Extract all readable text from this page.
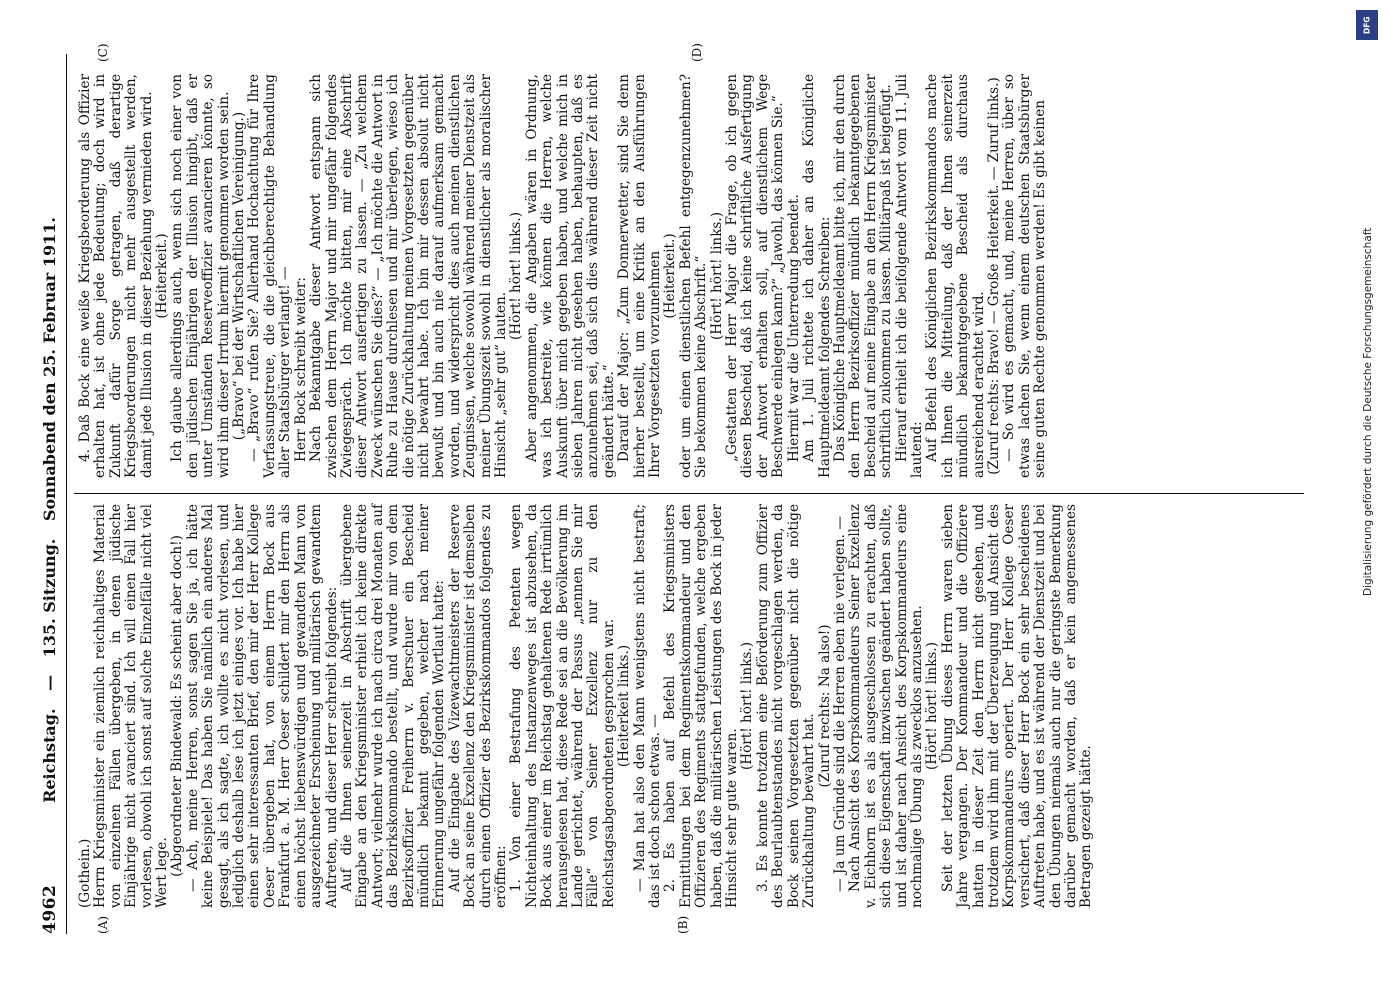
4962
Reichstag. — 135. Sitzung. Sonnabend den 25. Februar 1911.
(A)	(B)
(C)	(D)

(Gothein.) Herrn Kriegsminister ein ziemlich reichhaltiges Material von einzelnen Fällen übergeben, in denen jüdische Einjährige nicht avanciert sind. Ich will einen Fall hier vorlesen, obwohl ich sonst auf solche Einzelfälle nicht viel Wert lege. (Abgeordneter Bindewald: Es scheint aber doch!) — Ach, meine Herren, sonst sagen Sie ja, ich hätte keine Beispiele! Das haben Sie nämlich ein anderes Mal gesagt, als ich sagte, ich wollte es nicht vorlesen, und lediglich deshalb lese ich jetzt einiges vor. Ich habe hier einen sehr interessanten Brief, den mir der Herr Kollege Oeser übergeben hat, von einem Herrn Bock aus Frankfurt a. M. Herr Oeser schildert mir den Herrn als einen höchst liebenswürdigen und gewandten Mann von ausgezeichneter Erscheinung und militärisch gewandtem Auftreten, und dieser Herr schreibt folgendes: Auf die Ihnen seinerzeit in Abschrift übergebene Eingabe an den Kriegsminister erhielt ich keine direkte Antwort; vielmehr wurde ich nach circa drei Monaten auf das Bezirkskommando bestellt, und wurde mir von dem Bezirksoffizier Freiherrn v. Berschuer ein Bescheid mündlich bekannt gegeben, welcher nach meiner Erinnerung ungefähr folgenden Wortlaut hatte: Auf die Eingabe des Vizewachtmeisters der Reserve Bock an seine Exzellenz den Kriegsminister ist demselben durch einen Offizier des Bezirkskommandos folgendes zu eröffnen: 1. Von einer Bestrafung des Petenten wegen Nichteinhaltung des Instanzenweges ist abzusehen, da Bock aus einer im Reichstag gehaltenen Rede irrtümlich herausgelesen hat, diese Rede sei an die Bevölkerung im Lande gerichtet, während der Passus „nennen Sie mir Fälle“ von Seiner Exzellenz nur zu den Reichstagsabgeordneten gesprochen war. (Heiterkeit links.) — Man hat also den Mann wenigstens nicht bestraft; das ist doch schon etwas. — 2. Es haben auf Befehl des Kriegsministers Ermittlungen bei dem Regimentskommandeur und den Offizieren des Regiments stattgefunden, welche ergeben haben, daß die militärischen Leistungen des Bock in jeder Hinsicht sehr gute waren.

(Hört! hört! links.) 3. Es konnte trotzdem eine Beförderung zum Offizier des Beurlaubtenstandes nicht vorgeschlagen werden, da Bock seinen Vorgesetzten gegenüber nicht die nötige Zurückhaltung bewahrt hat.

(Zuruf rechts: Na also!) — Ja um Gründe sind die Herren eben nie verlegen. — Nach Ansicht des Korpskommandeurs Seiner Exzellenz v. Eichhorn ist es als ausgeschlossen zu erachten, daß sich diese Eigenschaft inzwischen geändert haben sollte, und ist daher nach Ansicht des Korpskommandeurs eine nochmalige Übung als zwecklos anzusehen. (Hört! hört! links.) Seit der letzten Übung dieses Herrn waren sieben Jahre vergangen. Der Kommandeur und die Offiziere hatten in dieser Zeit den Herrn nicht gesehen, und trotzdem wird ihm mit der Überzeugung und Ansicht des Korpskommandeurs operiert. Der Herr Kollege Oeser versichert, daß dieser Herr Bock ein sehr bescheidenes Auftreten habe, und es ist während der Dienstzeit und bei den Übungen niemals auch nur die geringste Bemerkung darüber gemacht worden, daß er kein angemessenes Betragen gezeigt hätte.

4. Daß Bock eine weiße Kriegsbeorderung als Offizier erhalten hat, ist ohne jede Bedeutung; doch wird in Zukunft dafür Sorge getragen, daß derartige Kriegsbeorderungen nicht mehr ausgestellt werden, damit jede Illusion in dieser Beziehung vermieden wird. (Heiterkeit.) Ich glaube allerdings auch, wenn sich noch einer von den jüdischen Einjährigen der Illusion hingibt, daß er unter Umständen Reserveoffizier avancieren könnte, so wird ihm dieser Irrtum hiermit genommen worden sein. („Bravo“ bei der Wirtschaftlichen Vereinigung.) — „Bravo“ rufen Sie? Allerhand Hochachtung für Ihre Verfassungstreue, die die gleichberechtigte Behandlung aller Staatsbürger verlangt! — Herr Bock schreibt weiter: Nach Bekanntgabe dieser Antwort entspann sich zwischen dem Herrn Major und mir ungefähr folgendes Zwiegespräch. Ich möchte bitten, mir eine Abschrift dieser Antwort ausfertigen zu lassen. — „Zu welchem Zweck wünschen Sie dies?“ — „Ich möchte die Antwort in Ruhe zu Hause durchlesen und mir überlegen, wieso ich die nötige Zurückhaltung meinen Vorgesetzten gegenüber nicht bewahrt habe. Ich bin mir dessen absolut nicht bewußt und bin auch nie darauf aufmerksam gemacht worden, und widerspricht dies auch meinen dienstlichen Zeugnissen, welche sowohl während meiner Dienstzeit als meiner Übungszeit sowohl in dienstlicher als moralischer Hinsicht „sehr gut“ lauten.

(Hört! hört! links.) Aber angenommen, die Angaben wären in Ordnung, was ich bestreite, wie können die Herren, welche Auskunft über mich gegeben haben, und welche mich in sieben Jahren nicht gesehen haben, behaupten, daß es anzunehmen sei, daß sich dies während dieser Zeit nicht geändert hätte.“ Darauf der Major: „Zum Donnerwetter, sind Sie denn hierher bestellt, um eine Kritik an den Ausführungen Ihrer Vorgesetzten vorzunehmen (Heiterkeit.) oder um einen dienstlichen Befehl entgegenzunehmen? Sie bekommen keine Abschrift.“ (Hört! hört! links.) „Gestatten der Herr Major die Frage, ob ich gegen diesen Bescheid, daß ich keine schriftliche Ausfertigung der Antwort erhalten soll, auf dienstlichem Wege Beschwerde einlegen kann?“ „Jawohl, das können Sie.“ Hiermit war die Unterredung beendet. Am 1. Juli richtete ich daher an das Königliche Hauptmeldeamt folgendes Schreiben: Das Königliche Hauptmeldeamt bitte ich, mir den durch den Herrn Bezirksoffizier mündlich bekanntgegebenen Bescheid auf meine Eingabe an den Herrn Kriegsminister schriftlich zukommen zu lassen. Militärpaß ist beigefügt. Hierauf erhielt ich die beifolgende Antwort vom 11. Juli lautend: Auf Befehl des Königlichen Bezirkskommandos mache ich Ihnen die Mitteilung, daß der Ihnen seinerzeit mündlich bekanntgegebene Bescheid als durchaus ausreichend erachtet wird. (Zuruf rechts: Bravo! — Große Heiterkeit. — Zuruf links.) — So wird es gemacht, und, meine Herren, über so etwas lachen Sie, wenn einem deutschen Staatsbürger seine guten Rechte genommen werden! Es gibt keinen

DFG
Digitalisierung gefördert durch die Deutsche Forschungsgemeinschaft
